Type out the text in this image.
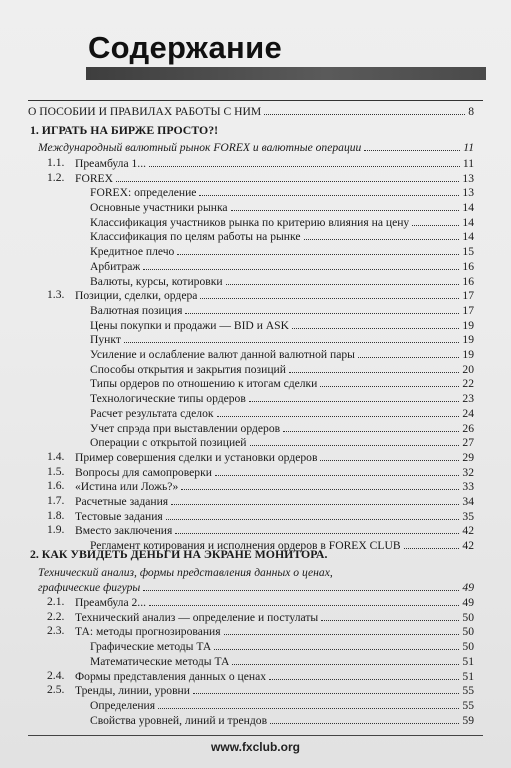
Содержание
О ПОСОБИИ И ПРАВИЛАХ РАБОТЫ С НИМ	8
1. ИГРАТЬ НА БИРЖЕ ПРОСТО?!
Международный валютный рынок FOREX и валютные операции	11
1.1. Преамбула 1...	11
1.2. FOREX	13
FOREX: определение	13
Основные участники рынка	14
Классификация участников рынка по критерию влияния на цену	14
Классификация по целям работы на рынке	14
Кредитное плечо	15
Арбитраж	16
Валюты, курсы, котировки	16
1.3. Позиции, сделки, ордера	17
Валютная позиция	17
Цены покупки и продажи — BID и ASK	19
Пункт	19
Усиление и ослабление валют данной валютной пары	19
Способы открытия и закрытия позиций	20
Типы ордеров по отношению к итогам сделки	22
Технологические типы ордеров	23
Расчет результата сделок	24
Учет спрэда при выставлении ордеров	26
Операции с открытой позицией	27
1.4. Пример совершения сделки и установки ордеров	29
1.5. Вопросы для самопроверки	32
1.6. «Истина или Ложь?»	33
1.7. Расчетные задания	34
1.8. Тестовые задания	35
1.9. Вместо заключения	42
Регламент котирования и исполнения ордеров в FOREX CLUB	42
2. КАК УВИДЕТЬ ДЕНЬГИ НА ЭКРАНЕ МОНИТОРА.
Технический анализ, формы представления данных о ценах,
графические фигуры	49
2.1. Преамбула 2...	49
2.2. Технический анализ — определение и постулаты	50
2.3. ТА: методы прогнозирования	50
Графические методы ТА	50
Математические методы ТА	51
2.4. Формы представления данных о ценах	51
2.5. Тренды, линии, уровни	55
Определения	55
Свойства уровней, линий и трендов	59
www.fxclub.org
